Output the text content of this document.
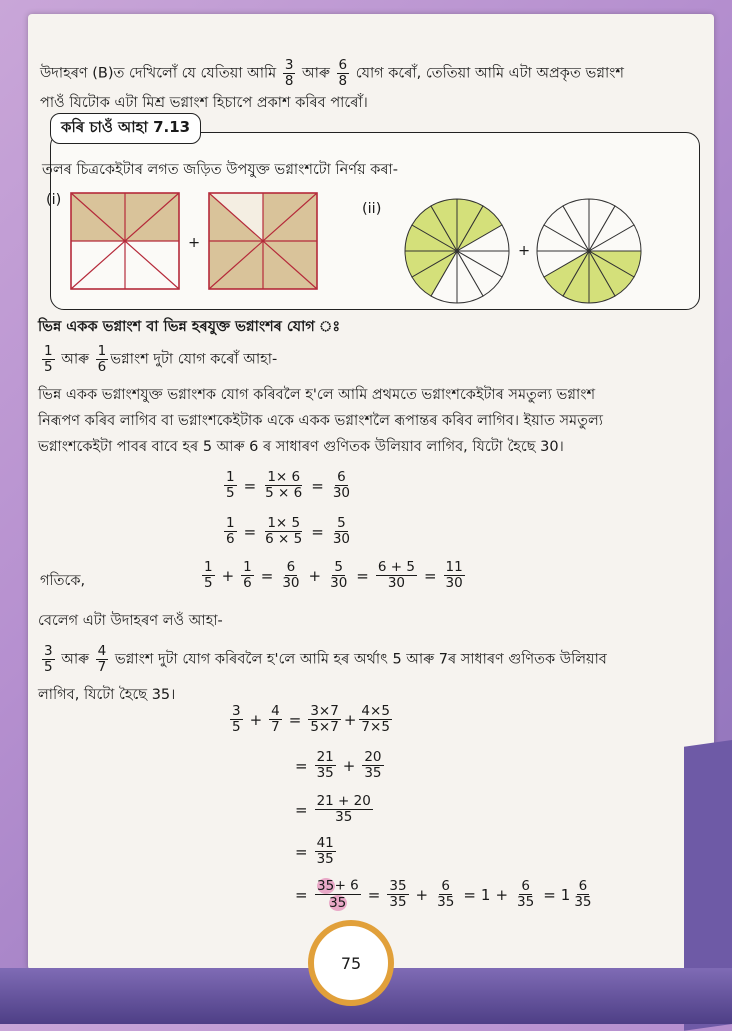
উদাহৰণ (B)ত দেখিলোঁ যে যেতিয়া আমি $\frac{3}{8}$ আৰু $\frac{6}{8}$ যোগ কৰোঁ, তেতিয়া আমি এটা অপ্ৰকৃত ভগ্নাংশ
পাওঁ যিটোক এটা মিশ্ৰ ভগ্নাংশ হিচাপে প্ৰকাশ কৰিব পাৰোঁ।
কৰি চাওঁ আহা 7.13
তলৰ চিত্ৰকেইটাৰ লগত জড়িত উপযুক্ত ভগ্নাংশটো নিৰ্ণয় কৰা-
(i)
(ii)
+	+
ভিন্ন একক ভগ্নাংশ বা ভিন্ন হৰযুক্ত ভগ্নাংশৰ যোগ ঃ
$\frac{1}{5}$ আৰু $\frac{1}{6}$ ভগ্নাংশ দুটা যোগ কৰোঁ আহা-
ভিন্ন একক ভগ্নাংশযুক্ত ভগ্নাংশক যোগ কৰিবলৈ হ'লে আমি প্ৰথমতে ভগ্নাংশকেইটাৰ সমতুল্য ভগ্নাংশ
নিৰূপণ কৰিব লাগিব বা ভগ্নাংশকেইটাক একে একক ভগ্নাংশলৈ ৰূপান্তৰ কৰিব লাগিব। ইয়াত সমতুল্য
ভগ্নাংশকেইটা পাবৰ বাবে হৰ 5 আৰু 6 ৰ সাধাৰণ গুণিতক উলিয়াব লাগিব, যিটো হৈছে 30।
$\frac{1}{5} = \frac{1\times 6}{5 \times 6} = \frac{6}{30}$
$\frac{1}{6} = \frac{1\times 5}{6 \times 5} = \frac{5}{30}$
গতিকে,	$\frac{1}{5} + \frac{1}{6} = \frac{6}{30} + \frac{5}{30} = \frac{6 + 5}{30} = \frac{11}{30}$
বেলেগ এটা উদাহৰণ লওঁ আহা-
$\frac{3}{5}$ আৰু $\frac{4}{7}$ ভগ্নাংশ দুটা যোগ কৰিবলৈ হ'লে আমি হৰ অৰ্থাৎ 5 আৰু 7ৰ সাধাৰণ গুণিতক উলিয়াব
লাগিব, যিটো হৈছে 35।
$\frac{3}{5} + \frac{4}{7} = \frac{3\times 7}{5\times 7} + \frac{4\times 5}{7\times 5}$
= $\frac{21}{35} + \frac{20}{35}$
= $\frac{21 + 20}{35}$
= $\frac{41}{35}$
= $\frac{35+ 6}{35} = \frac{35}{35} + \frac{6}{35} = 1 + \frac{6}{35} = 1 \frac{6}{35}$
75
